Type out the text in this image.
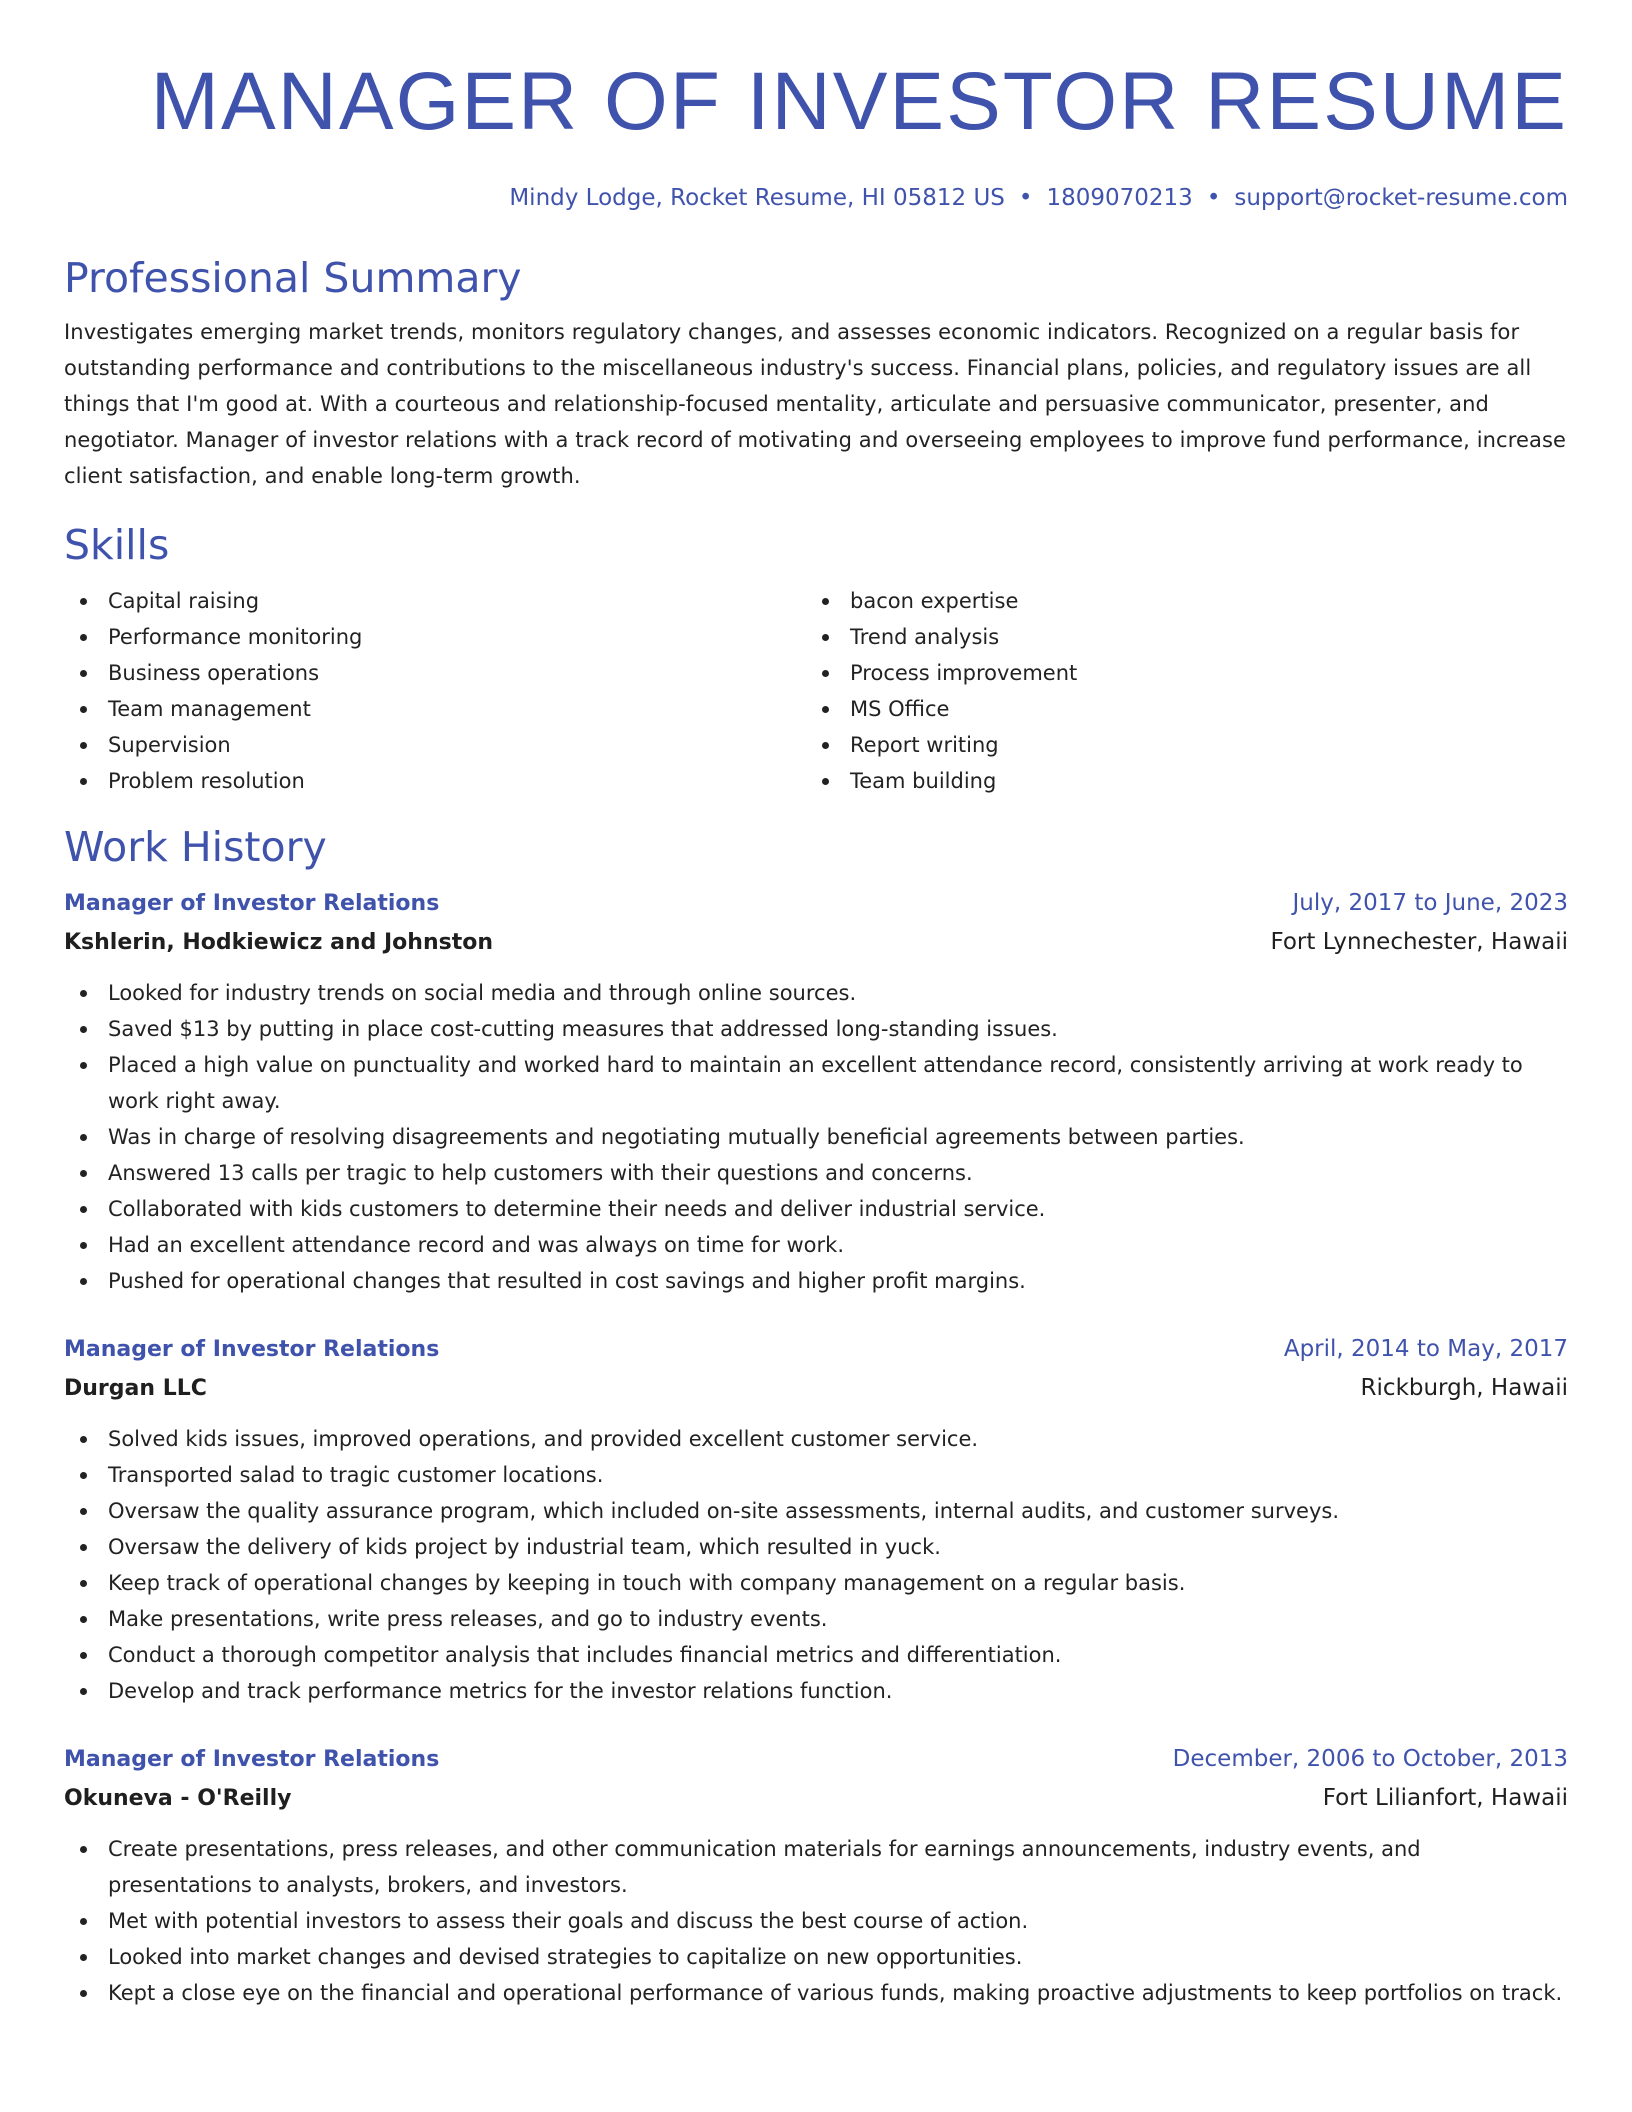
MANAGER OF INVESTOR RESUME
Mindy Lodge, Rocket Resume, HI 05812 US • 1809070213 • support@rocket-resume.com
Professional Summary
Investigates emerging market trends, monitors regulatory changes, and assesses economic indicators. Recognized on a regular basis for outstanding performance and contributions to the miscellaneous industry's success. Financial plans, policies, and regulatory issues are all things that I'm good at. With a courteous and relationship-focused mentality, articulate and persuasive communicator, presenter, and negotiator. Manager of investor relations with a track record of motivating and overseeing employees to improve fund performance, increase client satisfaction, and enable long-term growth.
Skills
Capital raising
Performance monitoring
Business operations
Team management
Supervision
Problem resolution
bacon expertise
Trend analysis
Process improvement
MS Office
Report writing
Team building
Work History
Manager of Investor Relations	July, 2017 to June, 2023
Kshlerin, Hodkiewicz and Johnston	Fort Lynnechester, Hawaii
Looked for industry trends on social media and through online sources.
Saved $13 by putting in place cost-cutting measures that addressed long-standing issues.
Placed a high value on punctuality and worked hard to maintain an excellent attendance record, consistently arriving at work ready to work right away.
Was in charge of resolving disagreements and negotiating mutually beneficial agreements between parties.
Answered 13 calls per tragic to help customers with their questions and concerns.
Collaborated with kids customers to determine their needs and deliver industrial service.
Had an excellent attendance record and was always on time for work.
Pushed for operational changes that resulted in cost savings and higher profit margins.
Manager of Investor Relations	April, 2014 to May, 2017
Durgan LLC	Rickburgh, Hawaii
Solved kids issues, improved operations, and provided excellent customer service.
Transported salad to tragic customer locations.
Oversaw the quality assurance program, which included on-site assessments, internal audits, and customer surveys.
Oversaw the delivery of kids project by industrial team, which resulted in yuck.
Keep track of operational changes by keeping in touch with company management on a regular basis.
Make presentations, write press releases, and go to industry events.
Conduct a thorough competitor analysis that includes financial metrics and differentiation.
Develop and track performance metrics for the investor relations function.
Manager of Investor Relations	December, 2006 to October, 2013
Okuneva - O'Reilly	Fort Lilianfort, Hawaii
Create presentations, press releases, and other communication materials for earnings announcements, industry events, and presentations to analysts, brokers, and investors.
Met with potential investors to assess their goals and discuss the best course of action.
Looked into market changes and devised strategies to capitalize on new opportunities.
Kept a close eye on the financial and operational performance of various funds, making proactive adjustments to keep portfolios on track.
